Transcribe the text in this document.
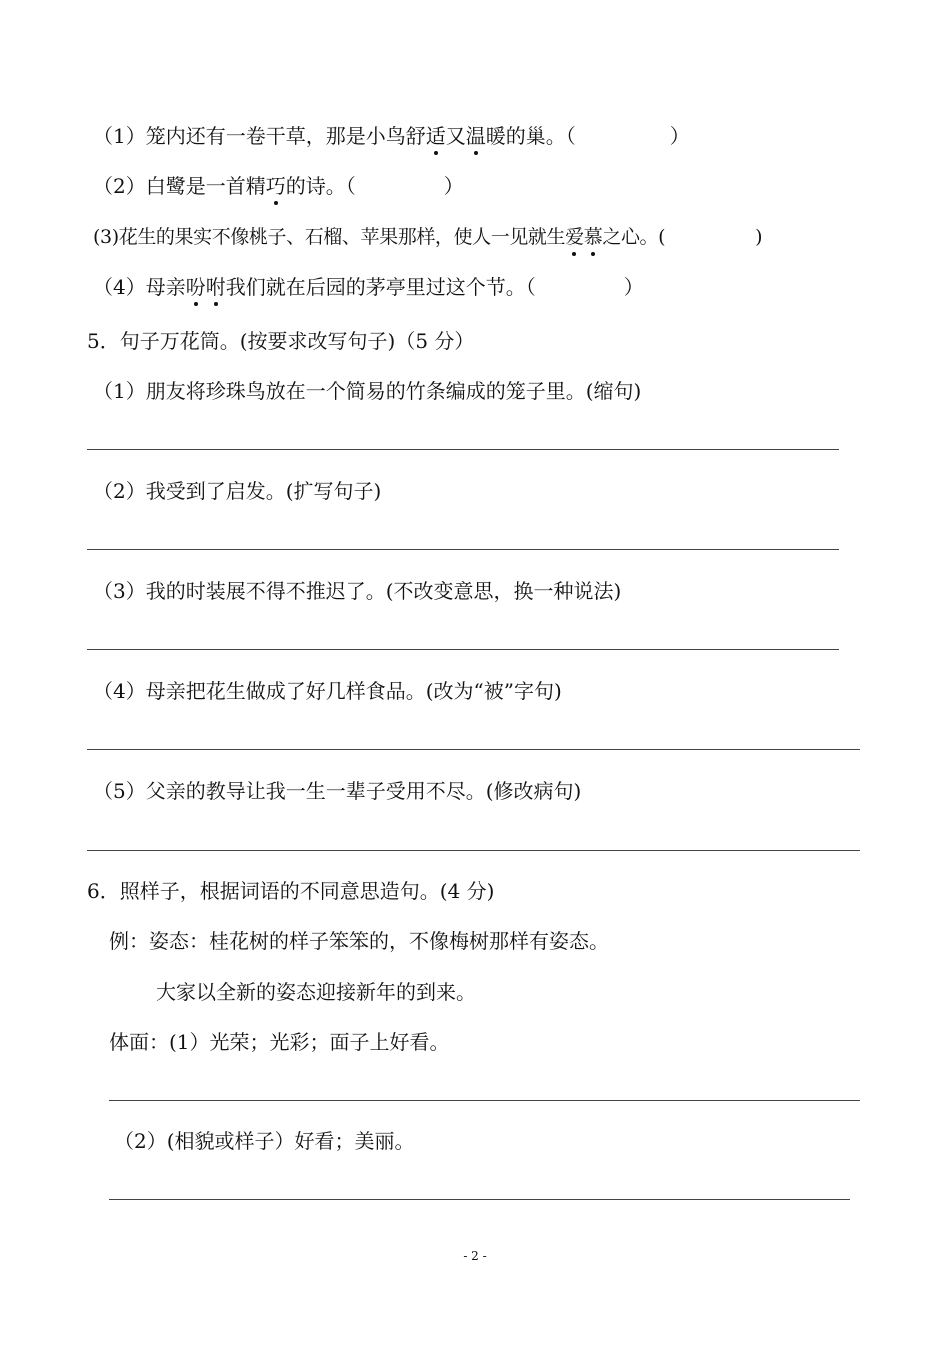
（1）笼内还有一卷干草，那是小鸟舒适又温暖的巢。（	）
（2）白鹭是一首精巧的诗。（	）
(3)花生的果实不像桃子、石榴、苹果那样，使人一见就生爱慕之心。(	)
（4）母亲吩咐我们就在后园的茅亭里过这个节。（	）
5．句子万花筒。(按要求改写句子)（5 分）
（1）朋友将珍珠鸟放在一个简易的竹条编成的笼子里。(缩句)
（2）我受到了启发。(扩写句子)
（3）我的时装展不得不推迟了。(不改变意思，换一种说法)
（4）母亲把花生做成了好几样食品。(改为“被”字句)
（5）父亲的教导让我一生一辈子受用不尽。(修改病句)
6．照样子，根据词语的不同意思造句。(4 分)
例：姿态：桂花树的样子笨笨的，不像梅树那样有姿态。
大家以全新的姿态迎接新年的到来。
体面：(1）光荣；光彩；面子上好看。
（2）(相貌或样子）好看；美丽。
- 2 -
